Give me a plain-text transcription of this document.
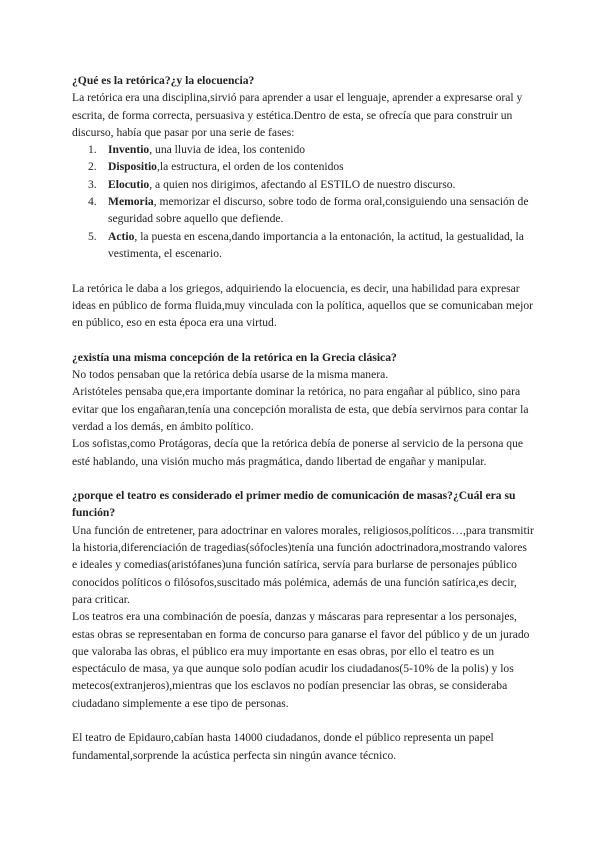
¿Qué es la retórica?¿y la elocuencia?

La retórica era una disciplina,sirvió para aprender a usar el lenguaje, aprender a expresarse oral y escrita, de forma correcta, persuasiva y estética.Dentro de esta, se ofrecía que para construir un discurso, había que pasar por una serie de fases:

1. Inventio, una lluvia de idea, los contenido
2. Dispositio,la estructura, el orden de los contenidos
3. Elocutio, a quien nos dirigimos, afectando al ESTILO de nuestro discurso.
4. Memoria, memorizar el discurso, sobre todo de forma oral,consiguiendo una sensación de seguridad sobre aquello que defiende.
5. Actio, la puesta en escena,dando importancia a la entonación, la actitud, la gestualidad, la vestimenta, el escenario.

La retórica le daba a los griegos, adquiriendo la elocuencia, es decir, una habilidad para expresar ideas en público de forma fluida,muy vinculada con la política, aquellos que se comunicaban mejor en público, eso en esta época era una virtud.

¿existía una misma concepción de la retórica en la Grecia clásica?

No todos pensaban que la retórica debía usarse de la misma manera.

Aristóteles pensaba que,era importante dominar la retórica, no para engañar al público, sino para evitar que los engañaran,tenía una concepción moralista de esta, que debía servirnos para contar la verdad a los demás, en ámbito político.

Los sofistas,como Protágoras, decía que la retórica debía de ponerse al servicio de la persona que esté hablando, una visión mucho más pragmática, dando libertad de engañar y manipular.

¿porque el teatro es considerado el primer medio de comunicación de masas?¿Cuál era su función?

Una función de entretener, para adoctrinar en valores morales, religiosos,políticos…,para transmitir la historia,diferenciación de tragedias(sófocles)tenía una función adoctrinadora,mostrando valores e ideales y comedias(aristófanes)una función satírica, servía para burlarse de personajes público conocidos políticos o filósofos,suscitado más polémica, además de una función satírica,es decir, para criticar.

Los teatros era una combinación de poesía, danzas y máscaras para representar a los personajes, estas obras se representaban en forma de concurso para ganarse el favor del público y de un jurado que valoraba las obras, el público era muy importante en esas obras, por ello el teatro es un espectáculo de masa, ya que aunque solo podían acudir los ciudadanos(5-10% de la polis) y los metecos(extranjeros),mientras que los esclavos no podían presenciar las obras, se consideraba ciudadano simplemente a ese tipo de personas.

El teatro de Epidauro,cabían hasta 14000 ciudadanos, donde el público representa un papel fundamental,sorprende la acústica perfecta sin ningún avance técnico.
